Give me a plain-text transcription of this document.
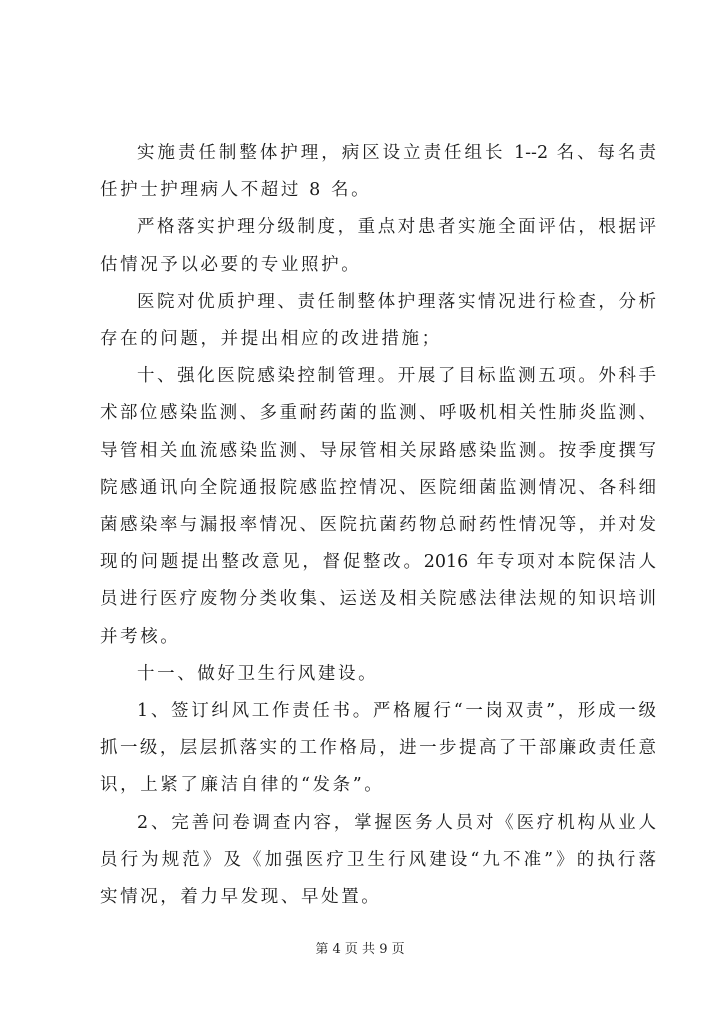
实施责任制整体护理，病区设立责任组长 1--2 名、每名责
任护士护理病人不超过 8 名。
严格落实护理分级制度，重点对患者实施全面评估，根据评
估情况予以必要的专业照护。
医院对优质护理、责任制整体护理落实情况进行检查，分析
存在的问题，并提出相应的改进措施；
十、强化医院感染控制管理。开展了目标监测五项。外科手
术部位感染监测、多重耐药菌的监测、呼吸机相关性肺炎监测、
导管相关血流感染监测、导尿管相关尿路感染监测。按季度撰写
院感通讯向全院通报院感监控情况、医院细菌监测情况、各科细
菌感染率与漏报率情况、医院抗菌药物总耐药性情况等，并对发
现的问题提出整改意见，督促整改。2016 年专项对本院保洁人
员进行医疗废物分类收集、运送及相关院感法律法规的知识培训
并考核。
十一、做好卫生行风建设。
1、签订纠风工作责任书。严格履行“一岗双责”，形成一级
抓一级，层层抓落实的工作格局，进一步提高了干部廉政责任意
识，上紧了廉洁自律的“发条”。
2、完善问卷调查内容，掌握医务人员对《医疗机构从业人
员行为规范》及《加强医疗卫生行风建设“九不准”》的执行落
实情况，着力早发现、早处置。
第 4 页 共 9 页
